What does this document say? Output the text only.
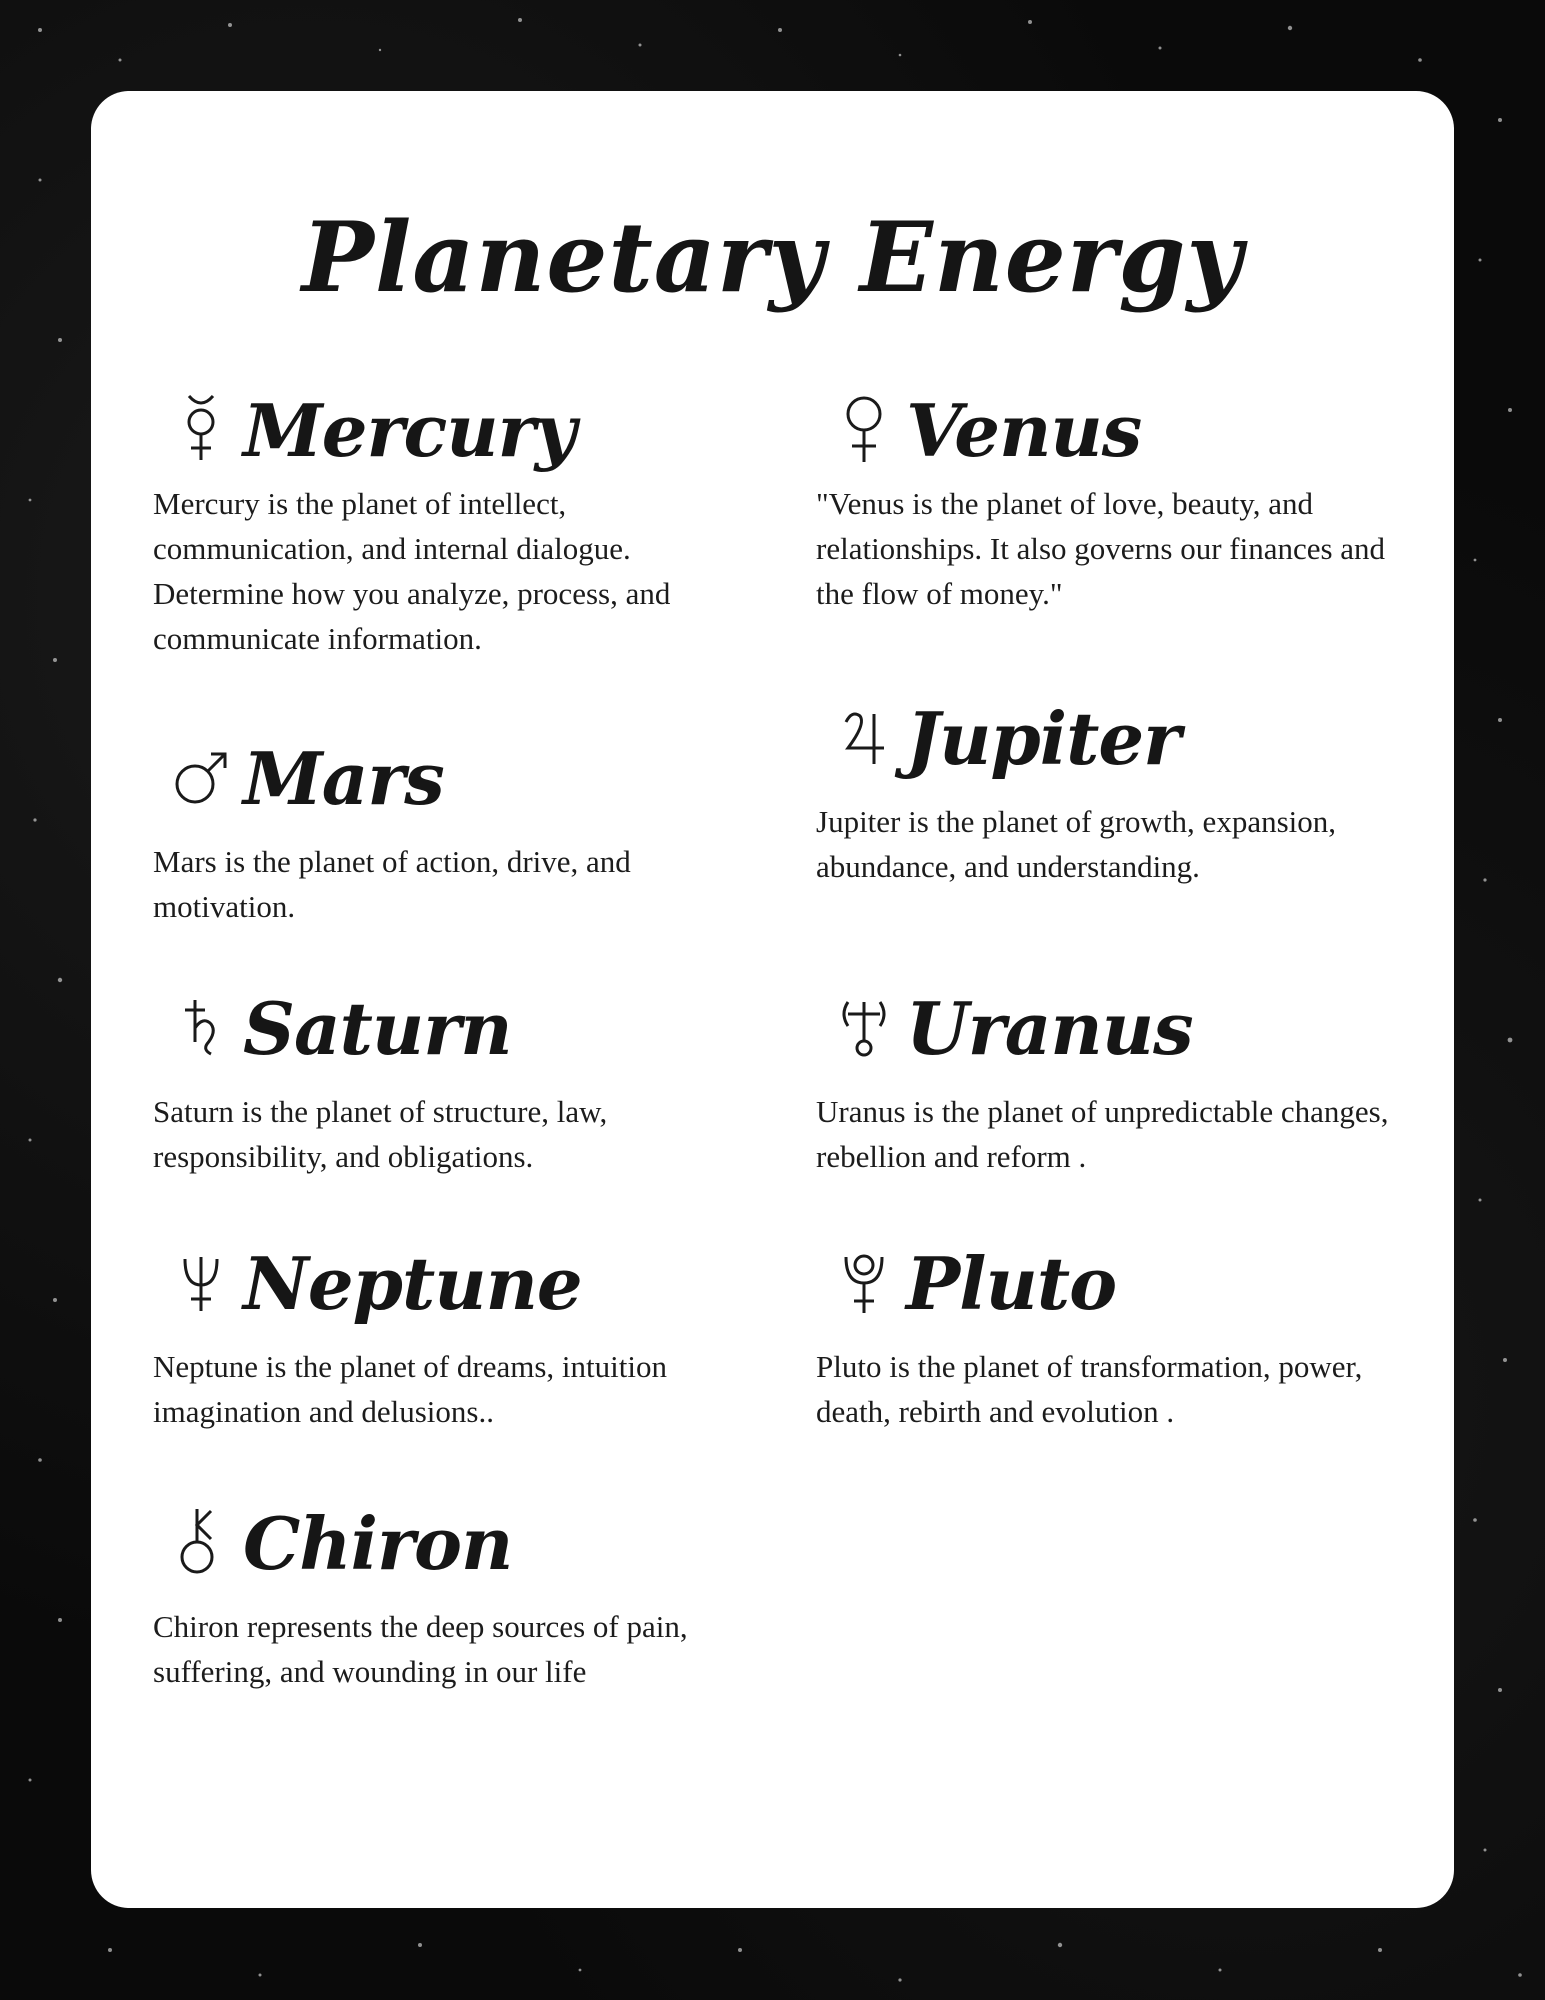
Planetary Energy
Mercury
Mercury is the planet of intellect, communication, and internal dialogue. Determine how you analyze, process, and communicate information.
Venus
"Venus is the planet of love, beauty, and relationships. It also governs our finances and the flow of money."
Mars
Mars is the planet of action, drive, and motivation.
Jupiter
Jupiter is the planet of growth, expansion, abundance, and understanding.
Saturn
Saturn is the planet of structure, law, responsibility, and obligations.
Uranus
Uranus is the planet of unpredictable changes, rebellion and reform .
Neptune
Neptune is the planet of dreams, intuition imagination and delusions..
Pluto
Pluto is the planet of transformation, power, death, rebirth and evolution .
Chiron
Chiron represents the deep sources of pain, suffering, and wounding in our life
